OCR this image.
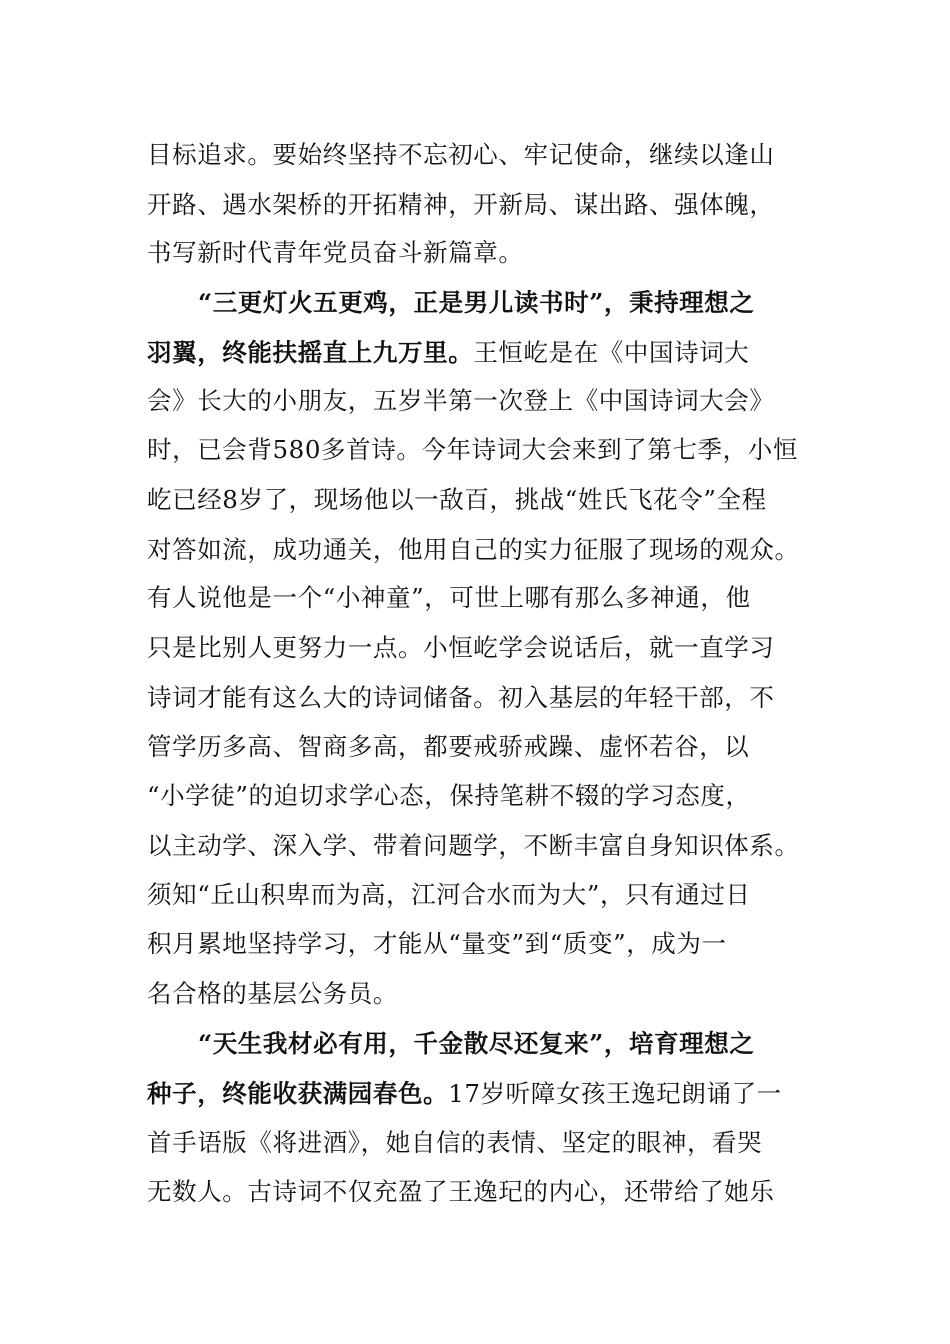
目标追求。要始终坚持不忘初心、牢记使命，继续以逢山
开路、遇水架桥的开拓精神，开新局、谋出路、强体魄，
书写新时代青年党员奋斗新篇章。
“三更灯火五更鸡，正是男儿读书时”，秉持理想之
羽翼，终能扶摇直上九万里。王恒屹是在《中国诗词大
会》长大的小朋友，五岁半第一次登上《中国诗词大会》
时，已会背580多首诗。今年诗词大会来到了第七季，小恒
屹已经8岁了，现场他以一敌百，挑战“姓氏飞花令”全程
对答如流，成功通关，他用自己的实力征服了现场的观众。
有人说他是一个“小神童”，可世上哪有那么多神通，他
只是比别人更努力一点。小恒屹学会说话后，就一直学习
诗词才能有这么大的诗词储备。初入基层的年轻干部，不
管学历多高、智商多高，都要戒骄戒躁、虚怀若谷，以
“小学徒”的迫切求学心态，保持笔耕不辍的学习态度，
以主动学、深入学、带着问题学，不断丰富自身知识体系。
须知“丘山积卑而为高，江河合水而为大”，只有通过日
积月累地坚持学习，才能从“量变”到“质变”，成为一
名合格的基层公务员。
“天生我材必有用，千金散尽还复来”，培育理想之
种子，终能收获满园春色。17岁听障女孩王逸玘朗诵了一
首手语版《将进酒》，她自信的表情、坚定的眼神，看哭
无数人。古诗词不仅充盈了王逸玘的内心，还带给了她乐
